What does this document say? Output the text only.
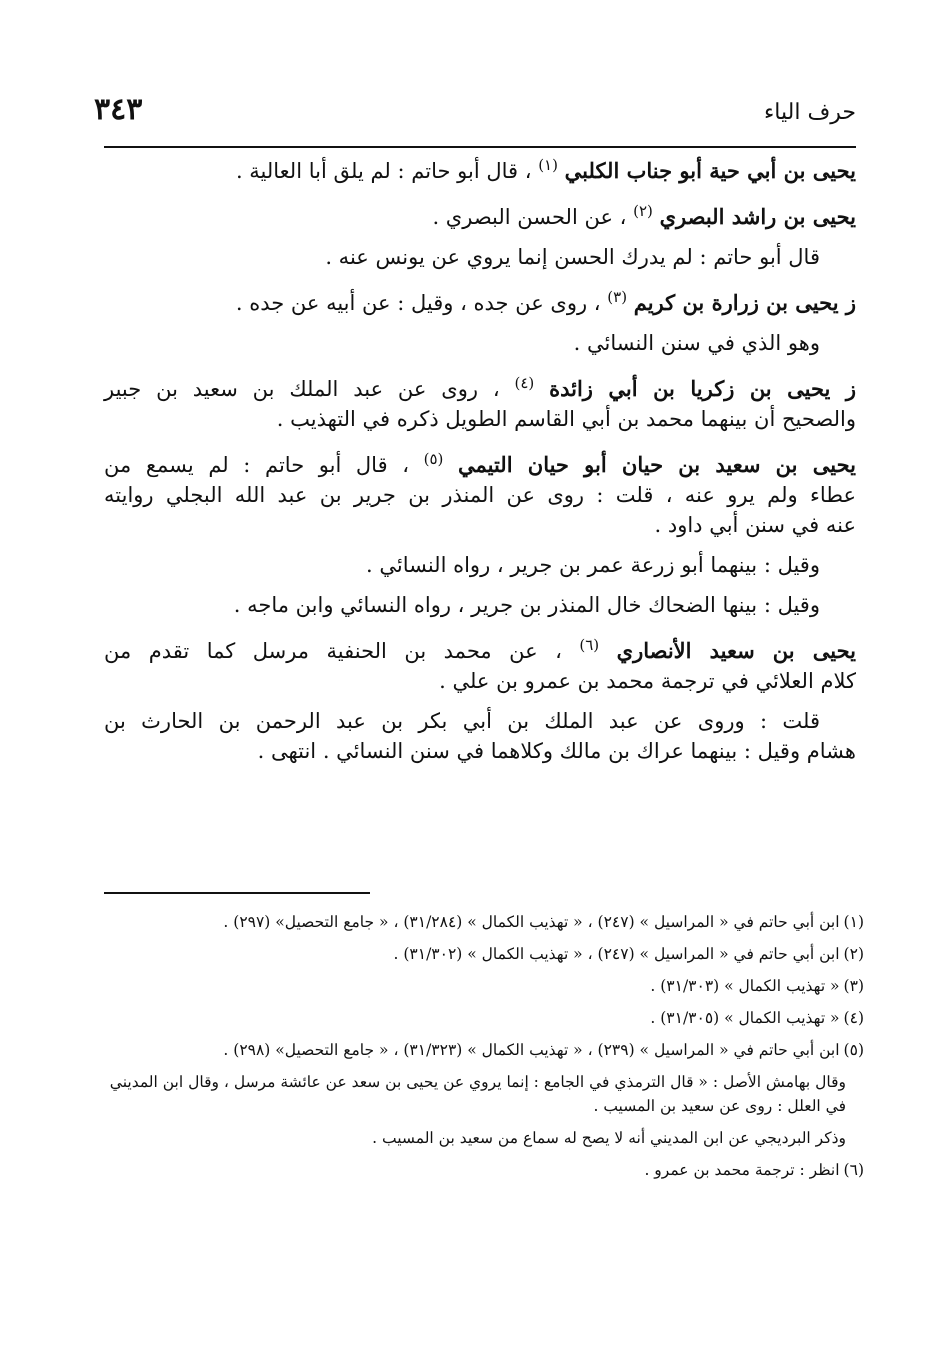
حرف الياء
٣٤٣

يحيى بن أبي حية أبو جناب الكلبي $^{(١)}$ ، قال أبو حاتم : لم يلق أبا العالية .

يحيى بن راشد البصري $^{(٢)}$ ، عن الحسن البصري .

قال أبو حاتم : لم يدرك الحسن إنما يروي عن يونس عنه .

ز يحيى بن زرارة بن كريم $^{(٣)}$ ، روى عن جده ، وقيل : عن أبيه عن جده .

وهو الذي في سنن النسائي .

ز يحيى بن زكريا بن أبي زائدة $^{(٤)}$ ، روى عن عبد الملك بن سعيد بن جبير

والصحيح أن بينهما محمد بن أبي القاسم الطويل ذكره في التهذيب .

يحيى بن سعيد بن حيان أبو حيان التيمي $^{(٥)}$ ، قال أبو حاتم : لم يسمع من

عطاء ولم يرو عنه ، قلت : روى عن المنذر بن جرير بن عبد الله البجلي روايته

عنه في سنن أبي داود .

وقيل : بينهما أبو زرعة عمر بن جرير ، رواه النسائي .

وقيل : بينها الضحاك خال المنذر بن جرير ، رواه النسائي وابن ماجه .

يحيى بن سعيد الأنصاري $^{(٦)}$ ، عن محمد بن الحنفية مرسل كما تقدم من

كلام العلائي في ترجمة محمد بن عمرو بن علي .

قلت : وروى عن عبد الملك بن أبي بكر بن عبد الرحمن بن الحارث بن

هشام وقيل : بينهما عراك بن مالك وكلاهما في سنن النسائي . انتهى .

(١)ابن أبي حاتم في « المراسيل » (٢٤٧) ، « تهذيب الكمال » (٣١/٢٨٤) ، « جامع التحصيل» (٢٩٧) .

(٢)ابن أبي حاتم في « المراسيل » (٢٤٧) ، « تهذيب الكمال » (٣١/٣٠٢) .

(٣)« تهذيب الكمال » (٣١/٣٠٣) .

(٤)« تهذيب الكمال » (٣١/٣٠٥) .

(٥)ابن أبي حاتم في « المراسيل » (٢٣٩) ، « تهذيب الكمال » (٣١/٣٢٣) ، « جامع التحصيل» (٢٩٨) .

وقال بهامش الأصل : « قال الترمذي في الجامع : إنما يروي عن يحيى بن سعد عن عائشة مرسل ، وقال ابن المديني في العلل : روى عن سعيد بن المسيب .

وذكر البرديجي عن ابن المديني أنه لا يصح له سماع من سعيد بن المسيب .

(٦)انظر : ترجمة محمد بن عمرو .
